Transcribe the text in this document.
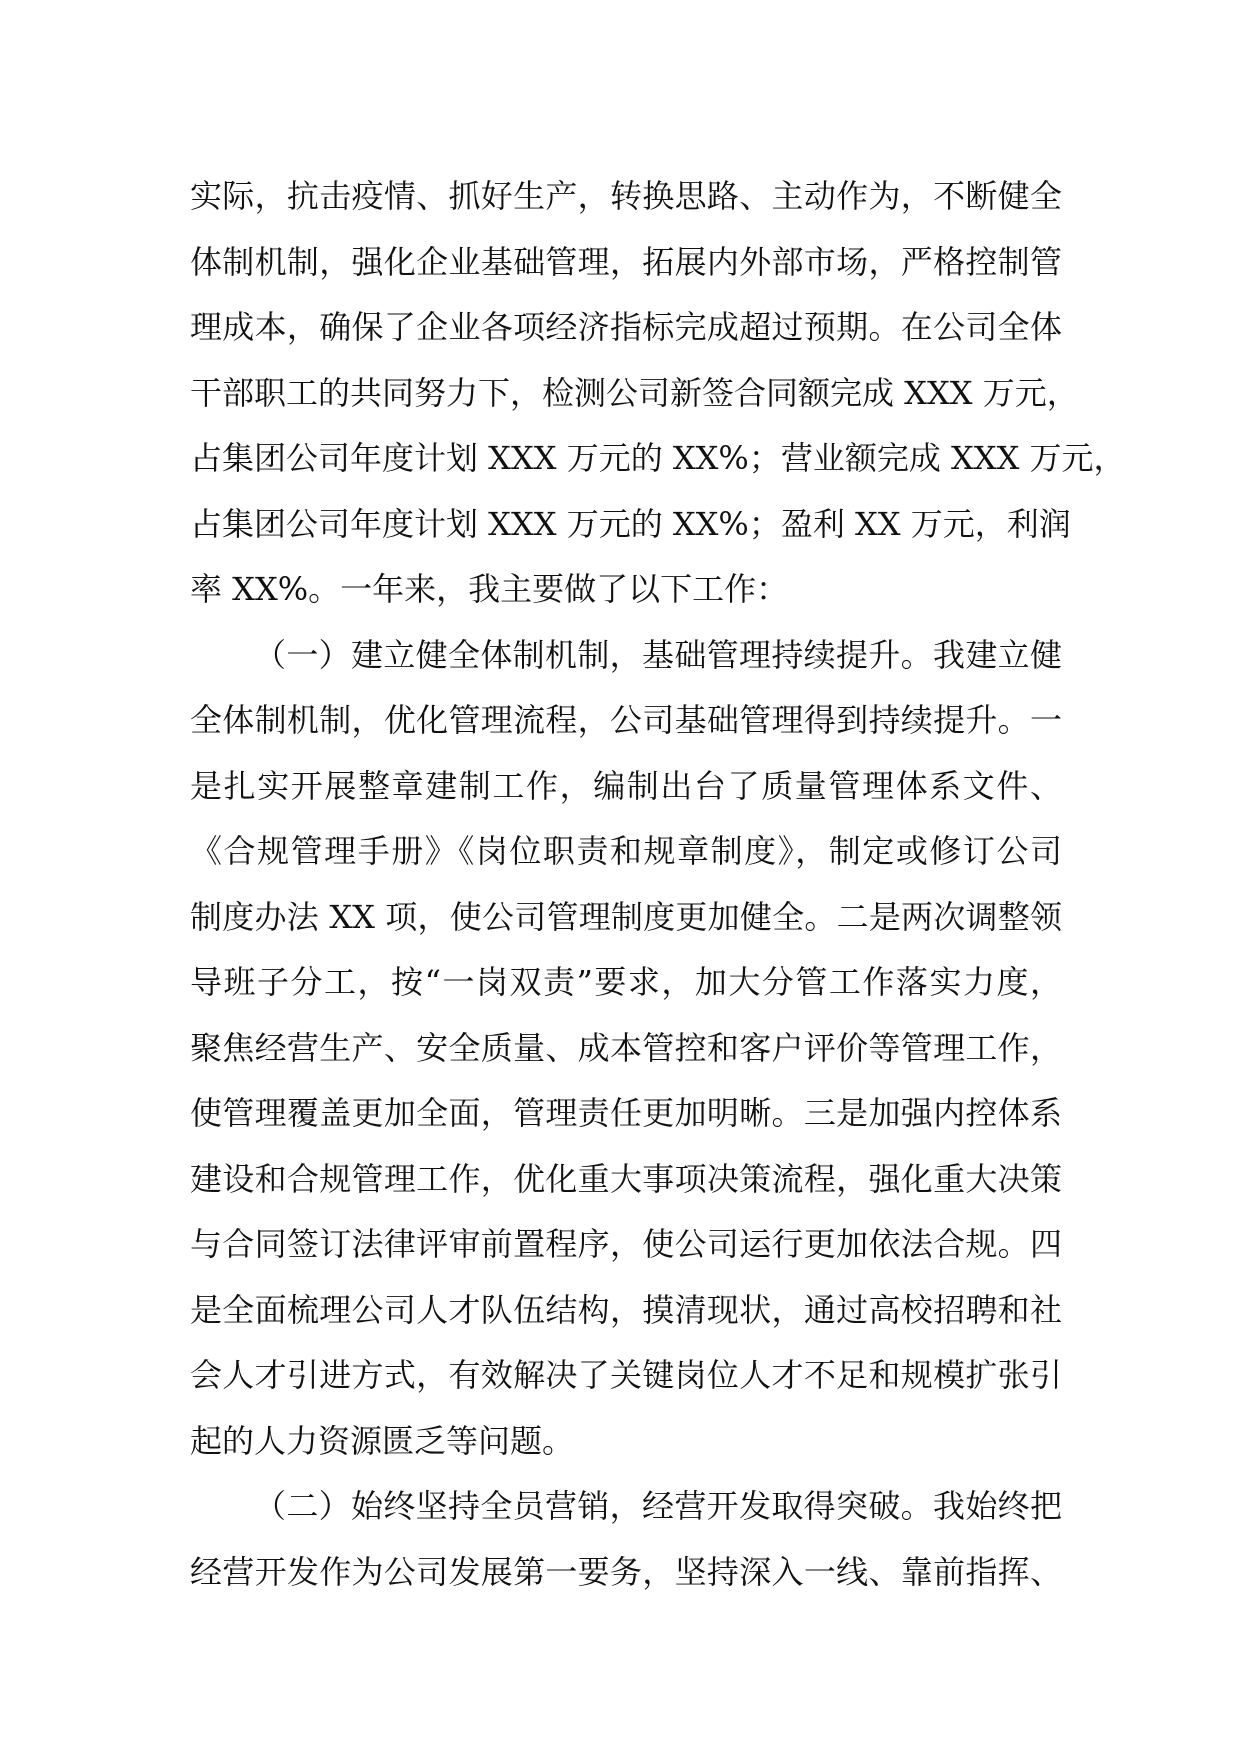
实际，抗击疫情、抓好生产，转换思路、主动作为，不断健全
体制机制，强化企业基础管理，拓展内外部市场，严格控制管
理成本，确保了企业各项经济指标完成超过预期。在公司全体
干部职工的共同努力下，检测公司新签合同额完成 XXX 万元，
占集团公司年度计划 XXX 万元的 XX%；营业额完成 XXX 万元，
占集团公司年度计划 XXX 万元的 XX%；盈利 XX 万元，利润
率 XX%。一年来，我主要做了以下工作：
（一）建立健全体制机制，基础管理持续提升。我建立健
全体制机制，优化管理流程，公司基础管理得到持续提升。一
是扎实开展整章建制工作，编制出台了质量管理体系文件、
《合规管理手册》《岗位职责和规章制度》，制定或修订公司
制度办法 XX 项，使公司管理制度更加健全。二是两次调整领
导班子分工，按“一岗双责”要求，加大分管工作落实力度，
聚焦经营生产、安全质量、成本管控和客户评价等管理工作，
使管理覆盖更加全面，管理责任更加明晰。三是加强内控体系
建设和合规管理工作，优化重大事项决策流程，强化重大决策
与合同签订法律评审前置程序，使公司运行更加依法合规。四
是全面梳理公司人才队伍结构，摸清现状，通过高校招聘和社
会人才引进方式，有效解决了关键岗位人才不足和规模扩张引
起的人力资源匮乏等问题。
（二）始终坚持全员营销，经营开发取得突破。我始终把
经营开发作为公司发展第一要务，坚持深入一线、靠前指挥、
